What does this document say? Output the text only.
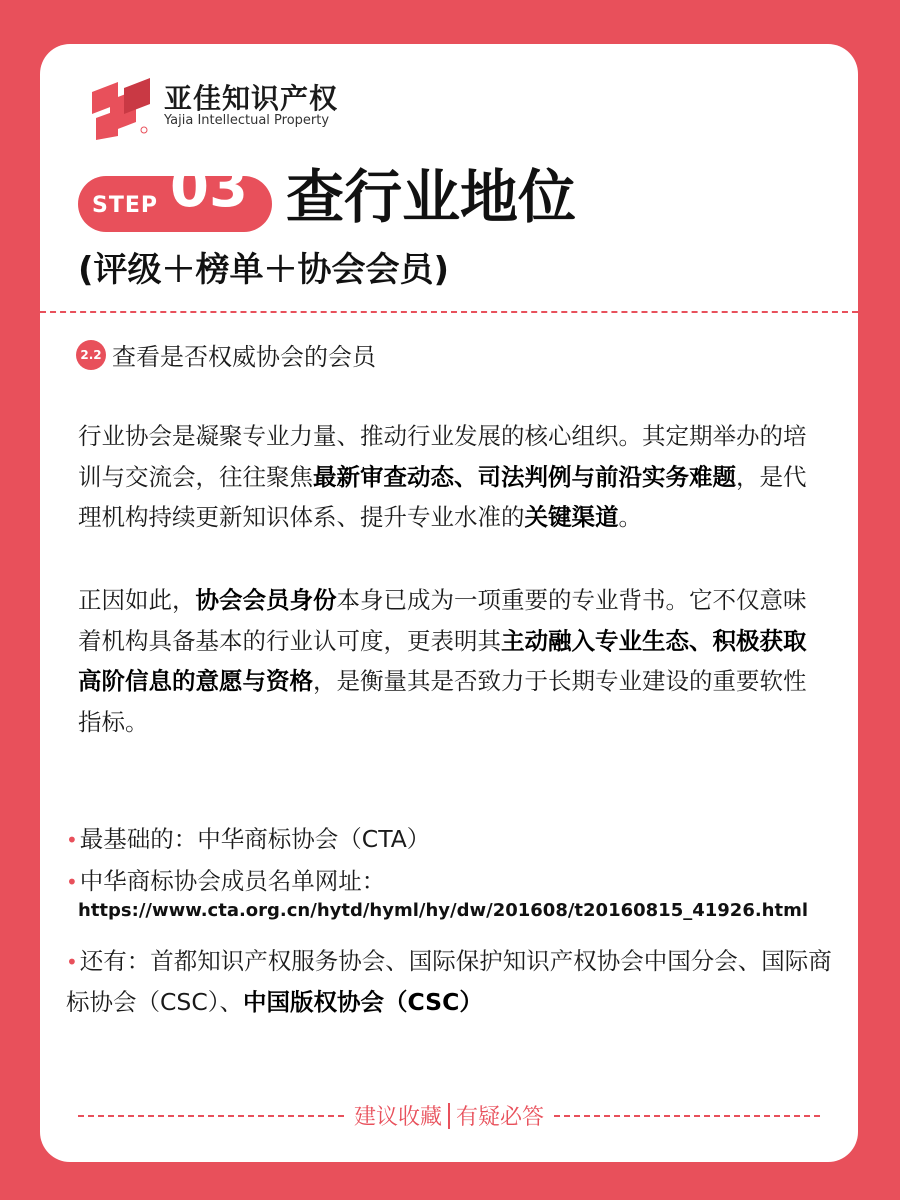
亚佳知识产权
Yajia Intellectual Property
STEP 03 查行业地位
(评级＋榜单＋协会会员)
2.2 查看是否权威协会的会员

行业协会是凝聚专业力量、推动行业发展的核心组织。其定期举办的培训与交流会，往往聚焦最新审查动态、司法判例与前沿实务难题，是代理机构持续更新知识体系、提升专业水准的关键渠道。

正因如此，协会会员身份本身已成为一项重要的专业背书。它不仅意味着机构具备基本的行业认可度，更表明其主动融入专业生态、积极获取高阶信息的意愿与资格，是衡量其是否致力于长期专业建设的重要软性指标。

•最基础的：中华商标协会（CTA）
•中华商标协会成员名单网址：
https://www.cta.org.cn/hytd/hyml/hy/dw/201608/t20160815_41926.html
•还有：首都知识产权服务协会、国际保护知识产权协会中国分会、国际商标协会（CSC）、中国版权协会（CSC）
建议收藏 有疑必答
